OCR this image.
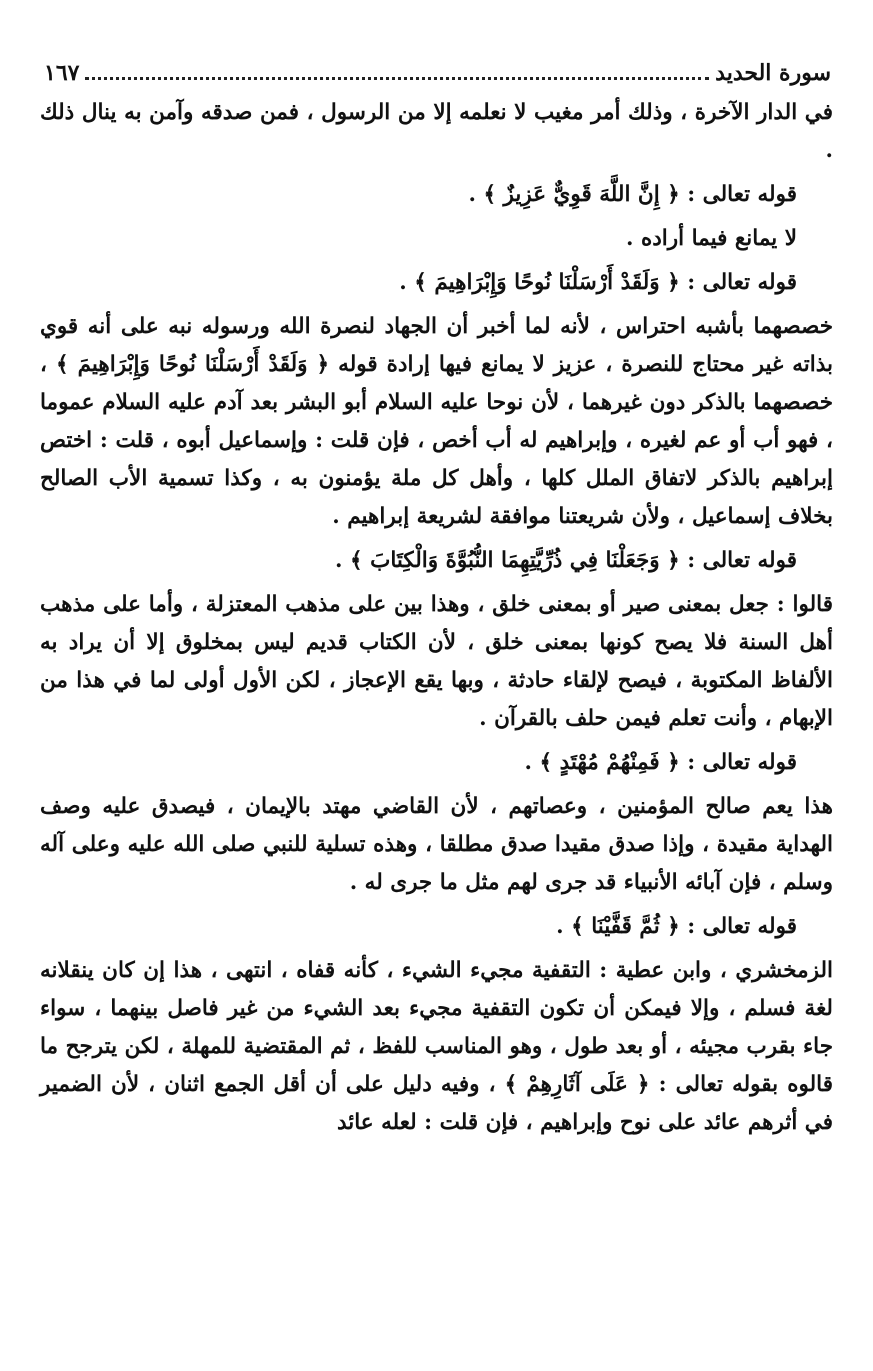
سورة الحديد
١٦٧

في الدار الآخرة ، وذلك أمر مغيب لا نعلمه إلا من الرسول ، فمن صدقه وآمن به ينال ذلك .

قوله تعالى : ﴿ إِنَّ اللَّهَ قَوِيٌّ عَزِيزٌ ﴾ .

لا يمانع فيما أراده .

قوله تعالى : ﴿ وَلَقَدْ أَرْسَلْنَا نُوحًا وَإِبْرَاهِيمَ ﴾ .

خصصهما بأشبه احتراس ، لأنه لما أخبر أن الجهاد لنصرة الله ورسوله نبه على أنه قوي بذاته غير محتاج للنصرة ، عزيز لا يمانع فيها إرادة قوله ﴿ وَلَقَدْ أَرْسَلْنَا نُوحًا وَإِبْرَاهِيمَ ﴾ ، خصصهما بالذكر دون غيرهما ، لأن نوحا عليه السلام أبو البشر بعد آدم عليه السلام عموما ، فهو أب أو عم لغيره ، وإبراهيم له أب أخص ، فإن قلت : وإسماعيل أبوه ، قلت : اختص إبراهيم بالذكر لاتفاق الملل كلها ، وأهل كل ملة يؤمنون به ، وكذا تسمية الأب الصالح بخلاف إسماعيل ، ولأن شريعتنا موافقة لشريعة إبراهيم .

قوله تعالى : ﴿ وَجَعَلْنَا فِي ذُرِّيَّتِهِمَا النُّبُوَّةَ وَالْكِتَابَ ﴾ .

قالوا : جعل بمعنى صير أو بمعنى خلق ، وهذا بين على مذهب المعتزلة ، وأما على مذهب أهل السنة فلا يصح كونها بمعنى خلق ، لأن الكتاب قديم ليس بمخلوق إلا أن يراد به الألفاظ المكتوبة ، فيصح لإلقاء حادثة ، وبها يقع الإعجاز ، لكن الأول أولى لما في هذا من الإبهام ، وأنت تعلم فيمن حلف بالقرآن .

قوله تعالى : ﴿ فَمِنْهُمْ مُهْتَدٍ ﴾ .

هذا يعم صالح المؤمنين ، وعصاتهم ، لأن القاضي مهتد بالإيمان ، فيصدق عليه وصف الهداية مقيدة ، وإذا صدق مقيدا صدق مطلقا ، وهذه تسلية للنبي صلى الله عليه وعلى آله وسلم ، فإن آبائه الأنبياء قد جرى لهم مثل ما جرى له .

قوله تعالى : ﴿ ثُمَّ قَفَّيْنَا ﴾ .

الزمخشري ، وابن عطية : التقفية مجيء الشيء ، كأنه قفاه ، انتهى ، هذا إن كان ينقلانه لغة فسلم ، وإلا فيمكن أن تكون التقفية مجيء بعد الشيء من غير فاصل بينهما ، سواء جاء بقرب مجيئه ، أو بعد طول ، وهو المناسب للفظ ، ثم المقتضية للمهلة ، لكن يترجح ما قالوه بقوله تعالى : ﴿ عَلَى آثَارِهِمْ ﴾ ، وفيه دليل على أن أقل الجمع اثنان ، لأن الضمير في أثرهم عائد على نوح وإبراهيم ، فإن قلت : لعله عائد
